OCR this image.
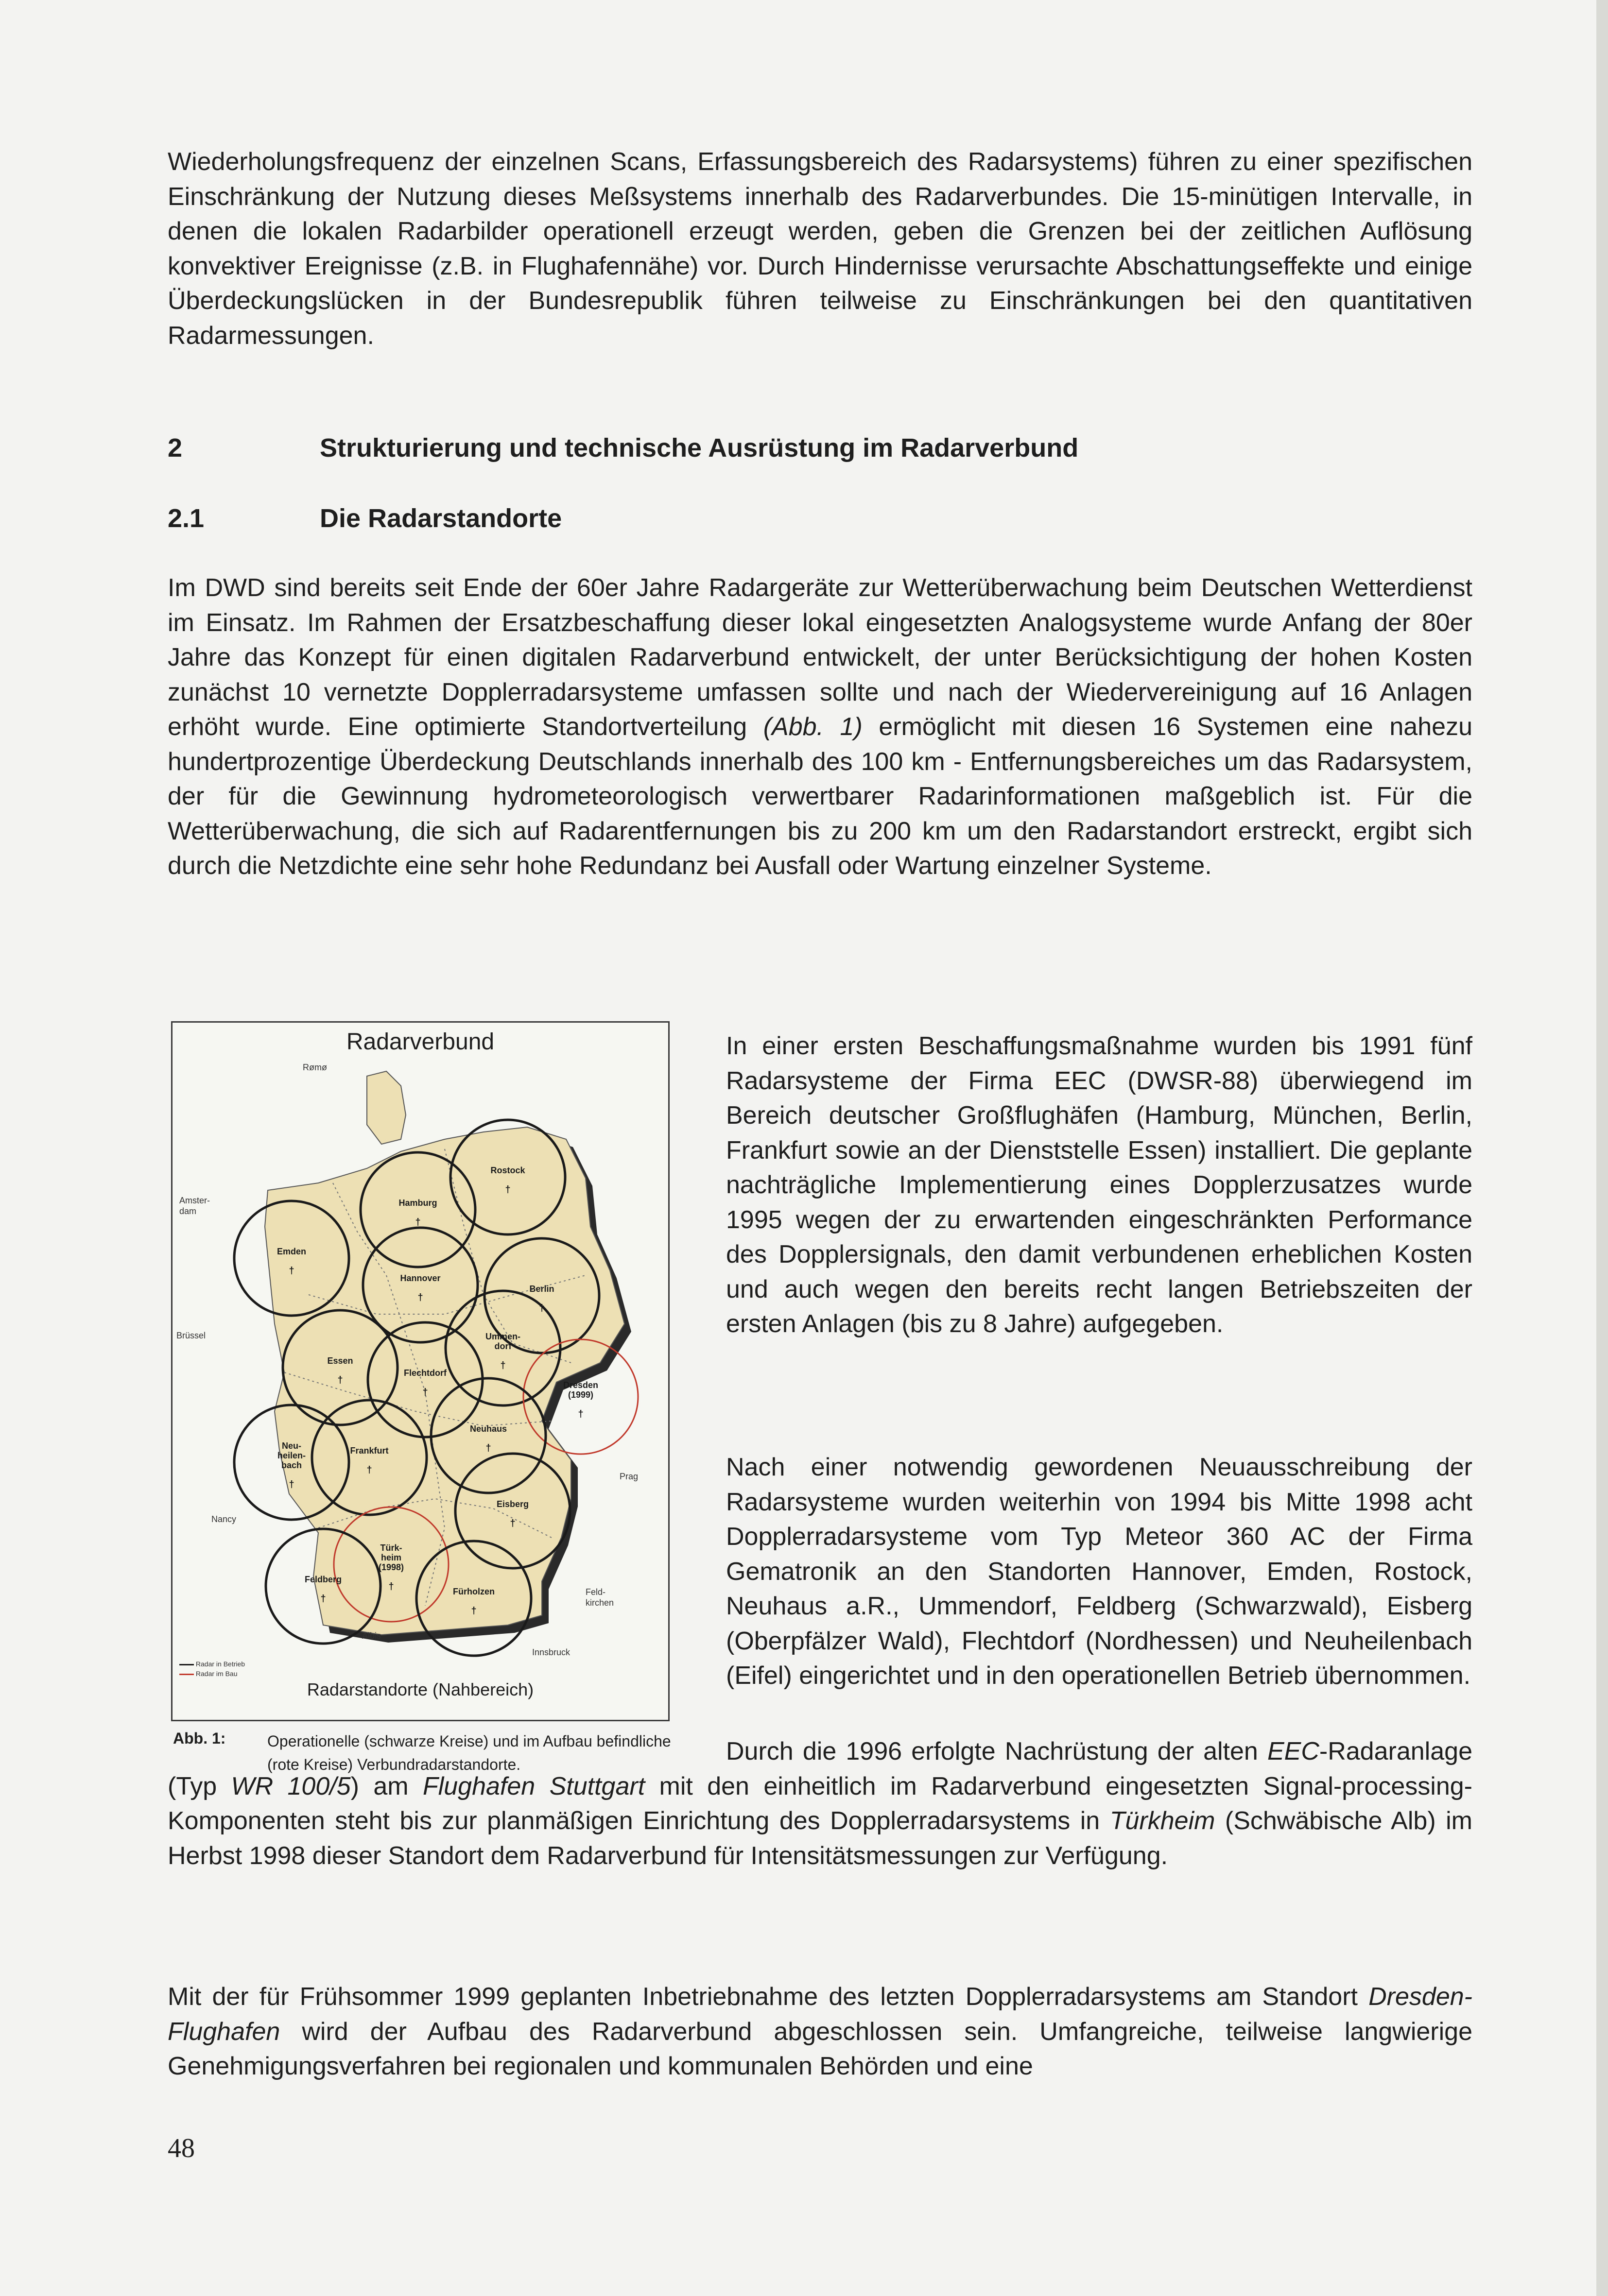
Wiederholungsfrequenz der einzelnen Scans, Erfassungsbereich des Radarsystems) führen zu einer spezifischen Einschränkung der Nutzung dieses Meßsystems innerhalb des Radarverbundes. Die 15-minütigen Intervalle, in denen die lokalen Radarbilder operationell erzeugt werden, geben die Grenzen bei der zeitlichen Auflösung konvektiver Ereignisse (z.B. in Flughafennähe) vor. Durch Hindernisse verursachte Abschattungseffekte und einige Überdeckungslücken in der Bundesrepublik führen teilweise zu Einschränkungen bei den quantitativen Radarmessungen.

2	Strukturierung und technische Ausrüstung im Radarverbund
2.1	Die Radarstandorte

Im DWD sind bereits seit Ende der 60er Jahre Radargeräte zur Wetterüberwachung beim Deutschen Wetterdienst im Einsatz. Im Rahmen der Ersatzbeschaffung dieser lokal eingesetzten Analogsysteme wurde Anfang der 80er Jahre das Konzept für einen digitalen Radarverbund entwickelt, der unter Berücksichtigung der hohen Kosten zunächst 10 vernetzte Dopplerradarsysteme umfassen sollte und nach der Wiedervereinigung auf 16 Anlagen erhöht wurde. Eine optimierte Standortverteilung (Abb. 1) ermöglicht mit diesen 16 Systemen eine nahezu hundertprozentige Überdeckung Deutschlands innerhalb des 100 km - Entfernungsbereiches um das Radarsystem, der für die Gewinnung hydrometeorologisch verwertbarer Radarinformationen maßgeblich ist. Für die Wetterüberwachung, die sich auf Radarentfernungen bis zu 200 km um den Radarstandort erstreckt, ergibt sich durch die Netzdichte eine sehr hohe Redundanz bei Ausfall oder Wartung einzelner Systeme.

Radarverbund
Hamburg
†
Rostock
†
Emden
†
Berlin
†
Hannover
†
Ummen-
dorf
†
Essen
†
Flechtdorf
†
Dresden
(1999)
†
Neuhaus
†
Neu-
heilen-
bach
†
Frankfurt
†
Eisberg
†
Türk-
heim
(1998)
†
Feldberg
†
Fürholzen
†
Rømø
Amster-
dam
Brüssel
Nancy
Prag
Feld-
kirchen
Albis
Innsbruck
Radar in Betrieb
Radar im Bau
Radarstandorte (Nahbereich)
Abb. 1:	Operationelle (schwarze Kreise) und im Aufbau befindliche (rote Kreise) Verbundradarstandorte.

In einer ersten Beschaffungsmaßnahme wurden bis 1991 fünf Radarsysteme der Firma EEC (DWSR-88) überwiegend im Bereich deutscher Großflughäfen (Hamburg, München, Berlin, Frankfurt sowie an der Dienststelle Essen) installiert. Die geplante nachträgliche Implementierung eines Dopplerzusatzes wurde 1995 wegen der zu erwartenden eingeschränkten Performance des Dopplersignals, den damit verbundenen erheblichen Kosten und auch wegen den bereits recht langen Betriebszeiten der ersten Anlagen (bis zu 8 Jahre) aufgegeben.

Nach einer notwendig gewordenen Neuausschreibung der Radarsysteme wurden weiterhin von 1994 bis Mitte 1998 acht Dopplerradarsysteme vom Typ Meteor 360 AC der Firma Gematronik an den Standorten Hannover, Emden, Rostock, Neuhaus a.R., Ummendorf, Feldberg (Schwarzwald), Eisberg (Oberpfälzer Wald), Flechtdorf (Nordhessen) und Neuheilenbach (Eifel) eingerichtet und in den operationellen Betrieb übernommen.

Durch die 1996 erfolgte Nachrüstung der alten EEC-Radaranlage (Typ WR 100/5) am Flughafen Stuttgart mit den einheitlich im Radarverbund eingesetzten Signal-processing-Komponenten steht bis zur planmäßigen Einrichtung des Dopplerradarsystems in Türkheim (Schwäbische Alb) im Herbst 1998 dieser Standort dem Radarverbund für Intensitätsmessungen zur Verfügung.

Mit der für Frühsommer 1999 geplanten Inbetriebnahme des letzten Dopplerradarsystems am Standort Dresden-Flughafen wird der Aufbau des Radarverbund abgeschlossen sein. Umfangreiche, teilweise langwierige Genehmigungsverfahren bei regionalen und kommunalen Behörden und eine

48
